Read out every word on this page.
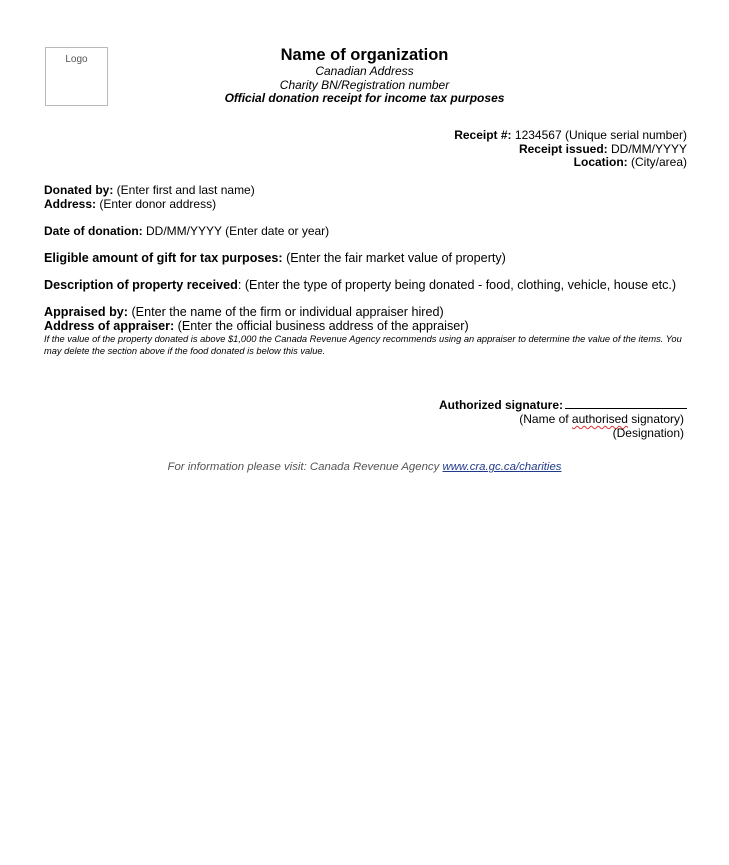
Logo	Name of organization
Canadian Address
Charity BN/Registration number
Official donation receipt for income tax purposes
Receipt #: 1234567 (Unique serial number)
Receipt issued: DD/MM/YYYY
Location: (City/area)
Donated by: (Enter first and last name)
Address: (Enter donor address)
Date of donation: DD/MM/YYYY (Enter date or year)
Eligible amount of gift for tax purposes: (Enter the fair market value of property)
Description of property received: (Enter the type of property being donated - food, clothing, vehicle, house etc.)
Appraised by: (Enter the name of the firm or individual appraiser hired)
Address of appraiser: (Enter the official business address of the appraiser)
If the value of the property donated is above $1,000 the Canada Revenue Agency recommends using an appraiser to determine the value of the items. You may delete the section above if the food donated is below this value.
Authorized signature:
(Name of authorised signatory)
(Designation)
For information please visit: Canada Revenue Agency www.cra.gc.ca/charities
